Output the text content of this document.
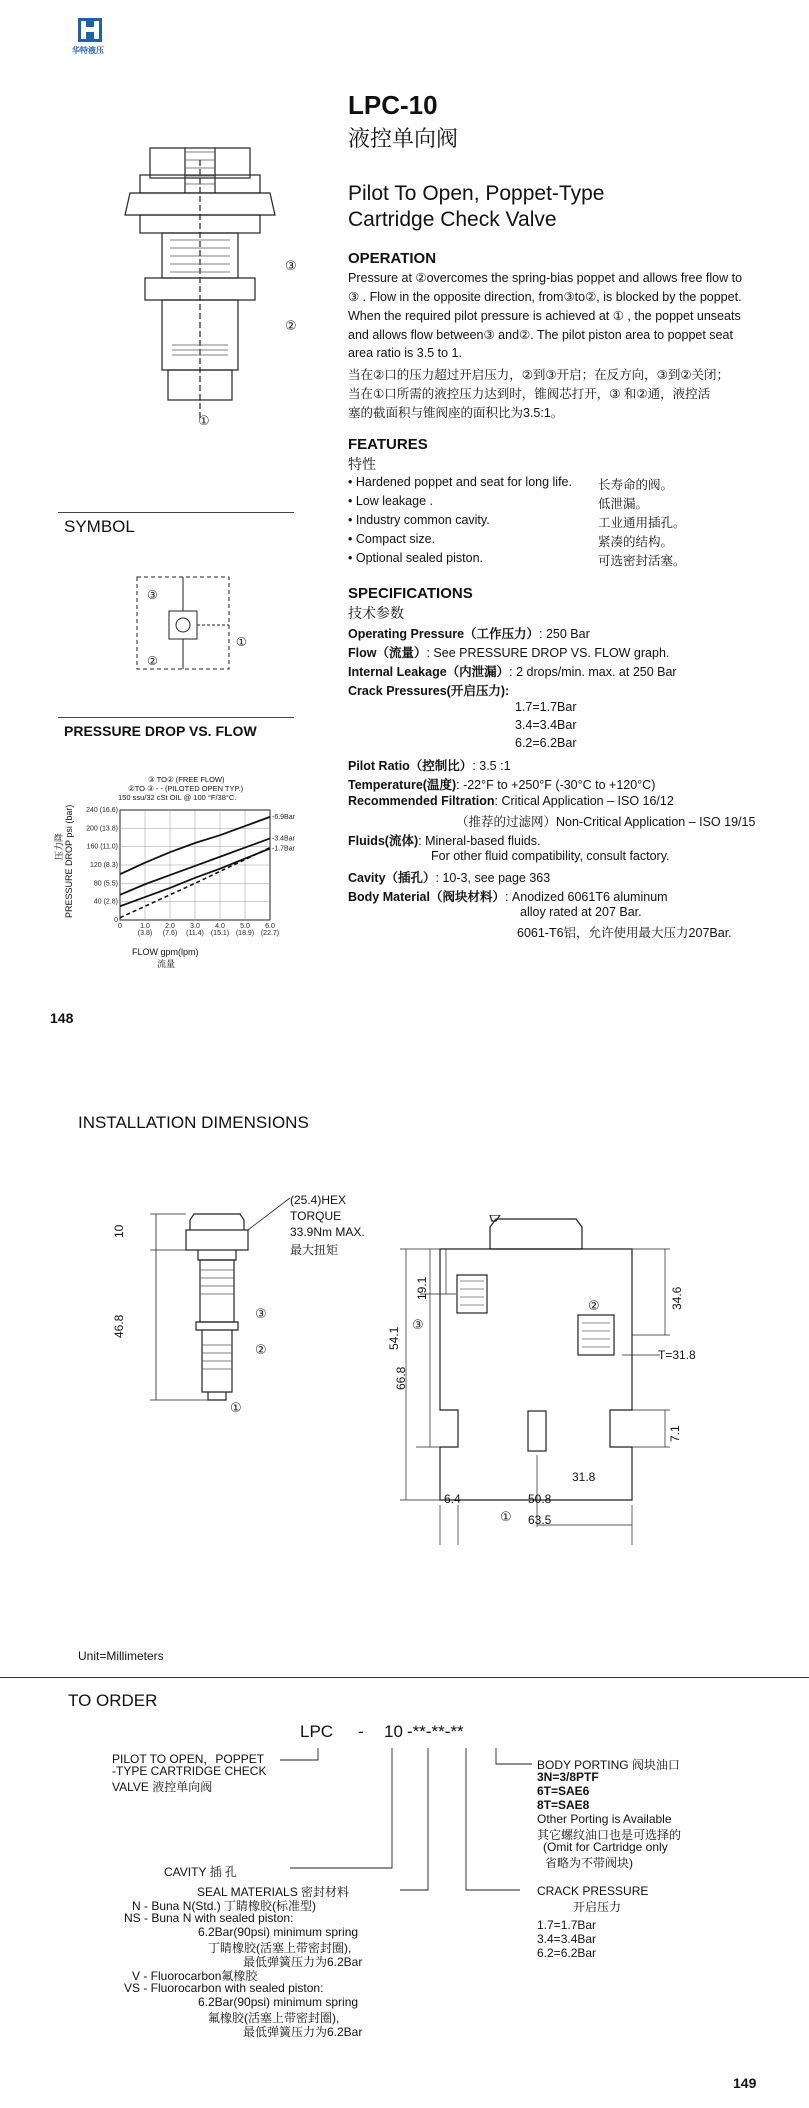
华特液压
LPC-10
液控单向阀
Pilot To Open, Poppet-Type
Cartridge Check Valve
③
②
①
SYMBOL
③
②
①
PRESSURE DROP VS. FLOW
③ TO② (FREE FLOW)
②TO ③ - - (PILOTED OPEN TYP.)
150 ssu/32 cSt OIL @ 100 °F/38°C.
压力降 PRESSURE DROP psi (bar) 240 (16.6)
200 (13.8)
160 (11.0)
120 (8.3)
80 (5.5)
40 (2.8)
0
0	1.0
(3.8)
2.0
(7.6)
3.0
(11.4)
4.0
(15.1)
5.0
(18.9)
6.0
(22.7)
-6.9Bar
-3.4Bar
-1.7Bar
FLOW gpm(lpm)
流量
148
OPERATION
Pressure at ②overcomes the spring-bias poppet and allows free flow to
③ . Flow in the opposite direction, from③to②, is blocked by the poppet.
When the required pilot pressure is achieved at ① , the poppet unseats
and allows flow between③ and②. The pilot piston area to poppet seat
area ratio is 3.5 to 1.
当在②口的压力超过开启压力，②到③开启；在反方向，③到②关闭；
当在①口所需的液控压力达到时，锥阀芯打开，③ 和②通，液控活
塞的截面积与锥阀座的面积比为3.5:1。
FEATURES
特性
• Hardened poppet and seat for long life. 长寿命的阀。
• Low leakage .	低泄漏。
• Industry common cavity.	工业通用插孔。
• Compact size.	紧凑的结构。
• Optional sealed piston.	可选密封活塞。
SPECIFICATIONS
技术参数
Operating Pressure（工作压力）: 250 Bar
Flow（流量）: See PRESSURE DROP VS. FLOW graph.
Internal Leakage（内泄漏）: 2 drops/min. max. at 250 Bar
Crack Pressures(开启压力):
1.7=1.7Bar
3.4=3.4Bar
6.2=6.2Bar
Pilot Ratio（控制比）: 3.5 :1
Temperature(温度): -22°F to +250°F (-30°C to +120°C)
Recommended Filtration: Critical Application – ISO 16/12
（推荐的过滤网）Non-Critical Application – ISO 19/15
Fluids(流体): Mineral-based fluids.
For other fluid compatibility, consult factory.
Cavity（插孔）: 10-3, see page 363
Body Material（阀块材料）: Anodized 6061T6 aluminum
alloy rated at 207 Bar.
6061-T6铝，允许使用最大压力207Bar.
INSTALLATION DIMENSIONS
③
②
①
10
46.8
(25.4)HEX
TORQUE
33.9Nm MAX.
最大扭矩
③
②
①
19.1
54.1
66.8
34.6
7.1
T=31.8
31.8
6.4	50.8
63.5
Unit=Millimeters
TO ORDER
LPC - 10 -**-**-**
PILOT TO OPEN，POPPET
-TYPE CARTRIDGE CHECK
VALVE 液控单向阀
CAVITY 插 孔
SEAL MATERIALS 密封材料
N - Buna N(Std.) 丁睛橡胶(标准型)
NS - Buna N with sealed piston:
6.2Bar(90psi) minimum spring
丁睛橡胶(活塞上带密封圈),
最低弹簧压力为6.2Bar
V - Fluorocarbon氟橡胶
VS - Fluorocarbon with sealed piston:
6.2Bar(90psi) minimum spring
氟橡胶(活塞上带密封圈),
最低弹簧压力为6.2Bar
BODY PORTING 阀块油口
3N=3/8PTF
6T=SAE6
8T=SAE8
Other Porting is Available
其它螺纹油口也是可选择的
(Omit for Cartridge only
省略为不带阀块)
CRACK PRESSURE
开启压力
1.7=1.7Bar
3.4=3.4Bar
6.2=6.2Bar
149
